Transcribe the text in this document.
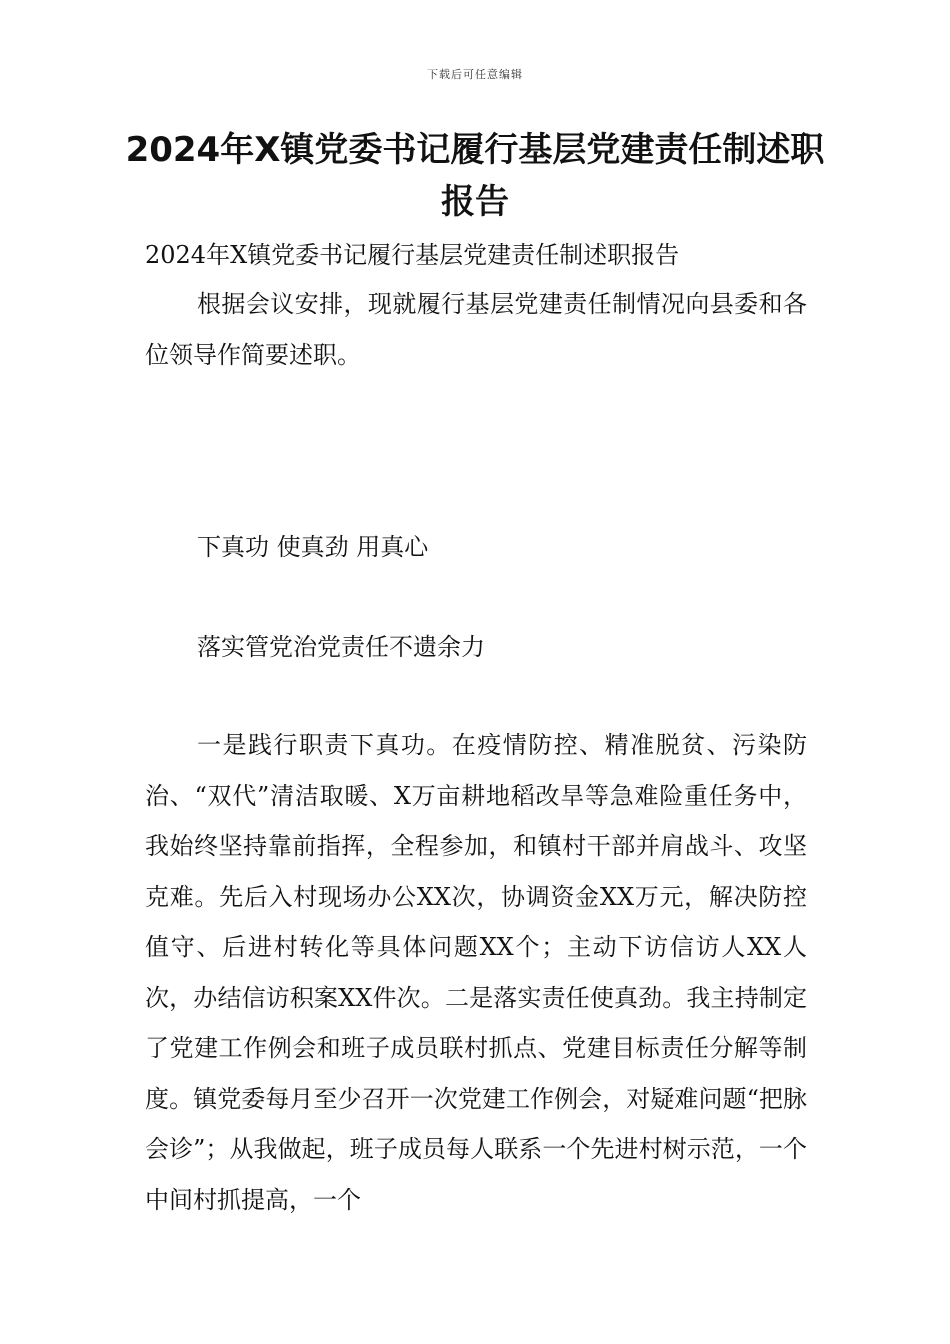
下载后可任意编辑
2024年X镇党委书记履行基层党建责任制述职报告

2024年X镇党委书记履行基层党建责任制述职报告

根据会议安排，现就履行基层党建责任制情况向县委和各位领导作简要述职。

下真功 使真劲 用真心

落实管党治党责任不遗余力

一是践行职责下真功。在疫情防控、精准脱贫、污染防治、“双代”清洁取暖、X万亩耕地稻改旱等急难险重任务中，我始终坚持靠前指挥，全程参加，和镇村干部并肩战斗、攻坚克难。先后入村现场办公XX次，协调资金XX万元，解决防控值守、后进村转化等具体问题XX个；主动下访信访人XX人次，办结信访积案XX件次。二是落实责任使真劲。我主持制定了党建工作例会和班子成员联村抓点、党建目标责任分解等制度。镇党委每月至少召开一次党建工作例会，对疑难问题“把脉会诊”；从我做起，班子成员每人联系一个先进村树示范，一个中间村抓提高，一个
